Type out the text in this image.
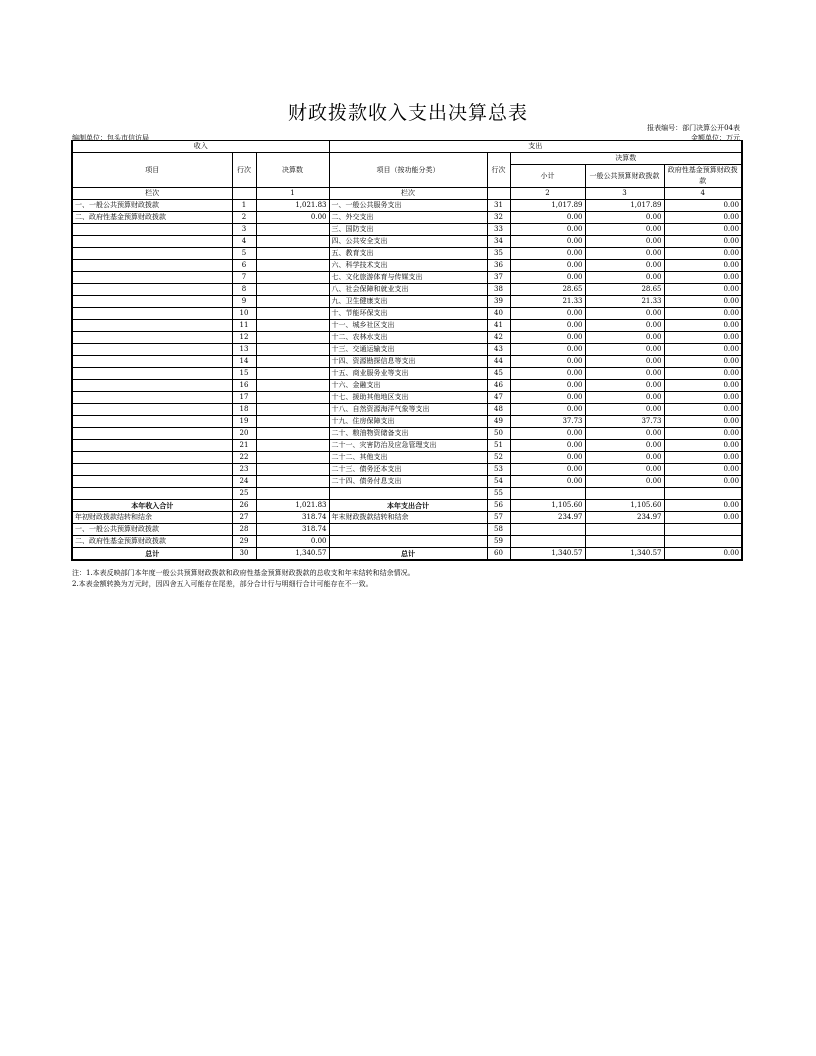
财政拨款收入支出决算总表
报表编号：部门决算公开04表
金额单位：万元
编制单位：包头市信访局
收入			支出				
项目	行次	决算数	项目（按功能分类）	行次	决算数		
					小计	一般公共预算财政拨款	政府性基金预算财政拨款

栏次		1	栏次		2	3	4
一、一般公共预算财政拨款	1	1,021.83	一、一般公共服务支出	31	1,017.89	1,017.89	0.00
二、政府性基金预算财政拨款	2	0.00	二、外交支出	32	0.00	0.00	0.00
	3		三、国防支出	33	0.00	0.00	0.00
	4		四、公共安全支出	34	0.00	0.00	0.00
	5		五、教育支出	35	0.00	0.00	0.00
	6		六、科学技术支出	36	0.00	0.00	0.00
	7		七、文化旅游体育与传媒支出	37	0.00	0.00	0.00
	8		八、社会保障和就业支出	38	28.65	28.65	0.00
	9		九、卫生健康支出	39	21.33	21.33	0.00
	10		十、节能环保支出	40	0.00	0.00	0.00
	11		十一、城乡社区支出	41	0.00	0.00	0.00
	12		十二、农林水支出	42	0.00	0.00	0.00
	13		十三、交通运输支出	43	0.00	0.00	0.00
	14		十四、资源勘探信息等支出	44	0.00	0.00	0.00
	15		十五、商业服务业等支出	45	0.00	0.00	0.00
	16		十六、金融支出	46	0.00	0.00	0.00
	17		十七、援助其他地区支出	47	0.00	0.00	0.00
	18		十八、自然资源海洋气象等支出	48	0.00	0.00	0.00
	19		十九、住房保障支出	49	37.73	37.73	0.00
	20		二十、粮油物资储备支出	50	0.00	0.00	0.00
	21		二十一、灾害防治及应急管理支出	51	0.00	0.00	0.00
	22		二十二、其他支出	52	0.00	0.00	0.00
	23		二十三、债务还本支出	53	0.00	0.00	0.00
	24		二十四、债务付息支出	54	0.00	0.00	0.00
	25			55			
本年收入合计	26	1,021.83	本年支出合计	56	1,105.60	1,105.60	0.00
年初财政拨款结转和结余	27	318.74	年末财政拨款结转和结余	57	234.97	234.97	0.00
一、一般公共预算财政拨款	28	318.74		58			
二、政府性基金预算财政拨款	29	0.00		59			
总计	30	1,340.57	总计	60	1,340.57	1,340.57	0.00
注：1.本表反映部门本年度一般公共预算财政拨款和政府性基金预算财政拨款的总收支和年末结转和结余情况。
2.本表金额转换为万元时，因四舍五入可能存在尾差，部分合计行与明细行合计可能存在不一致。
